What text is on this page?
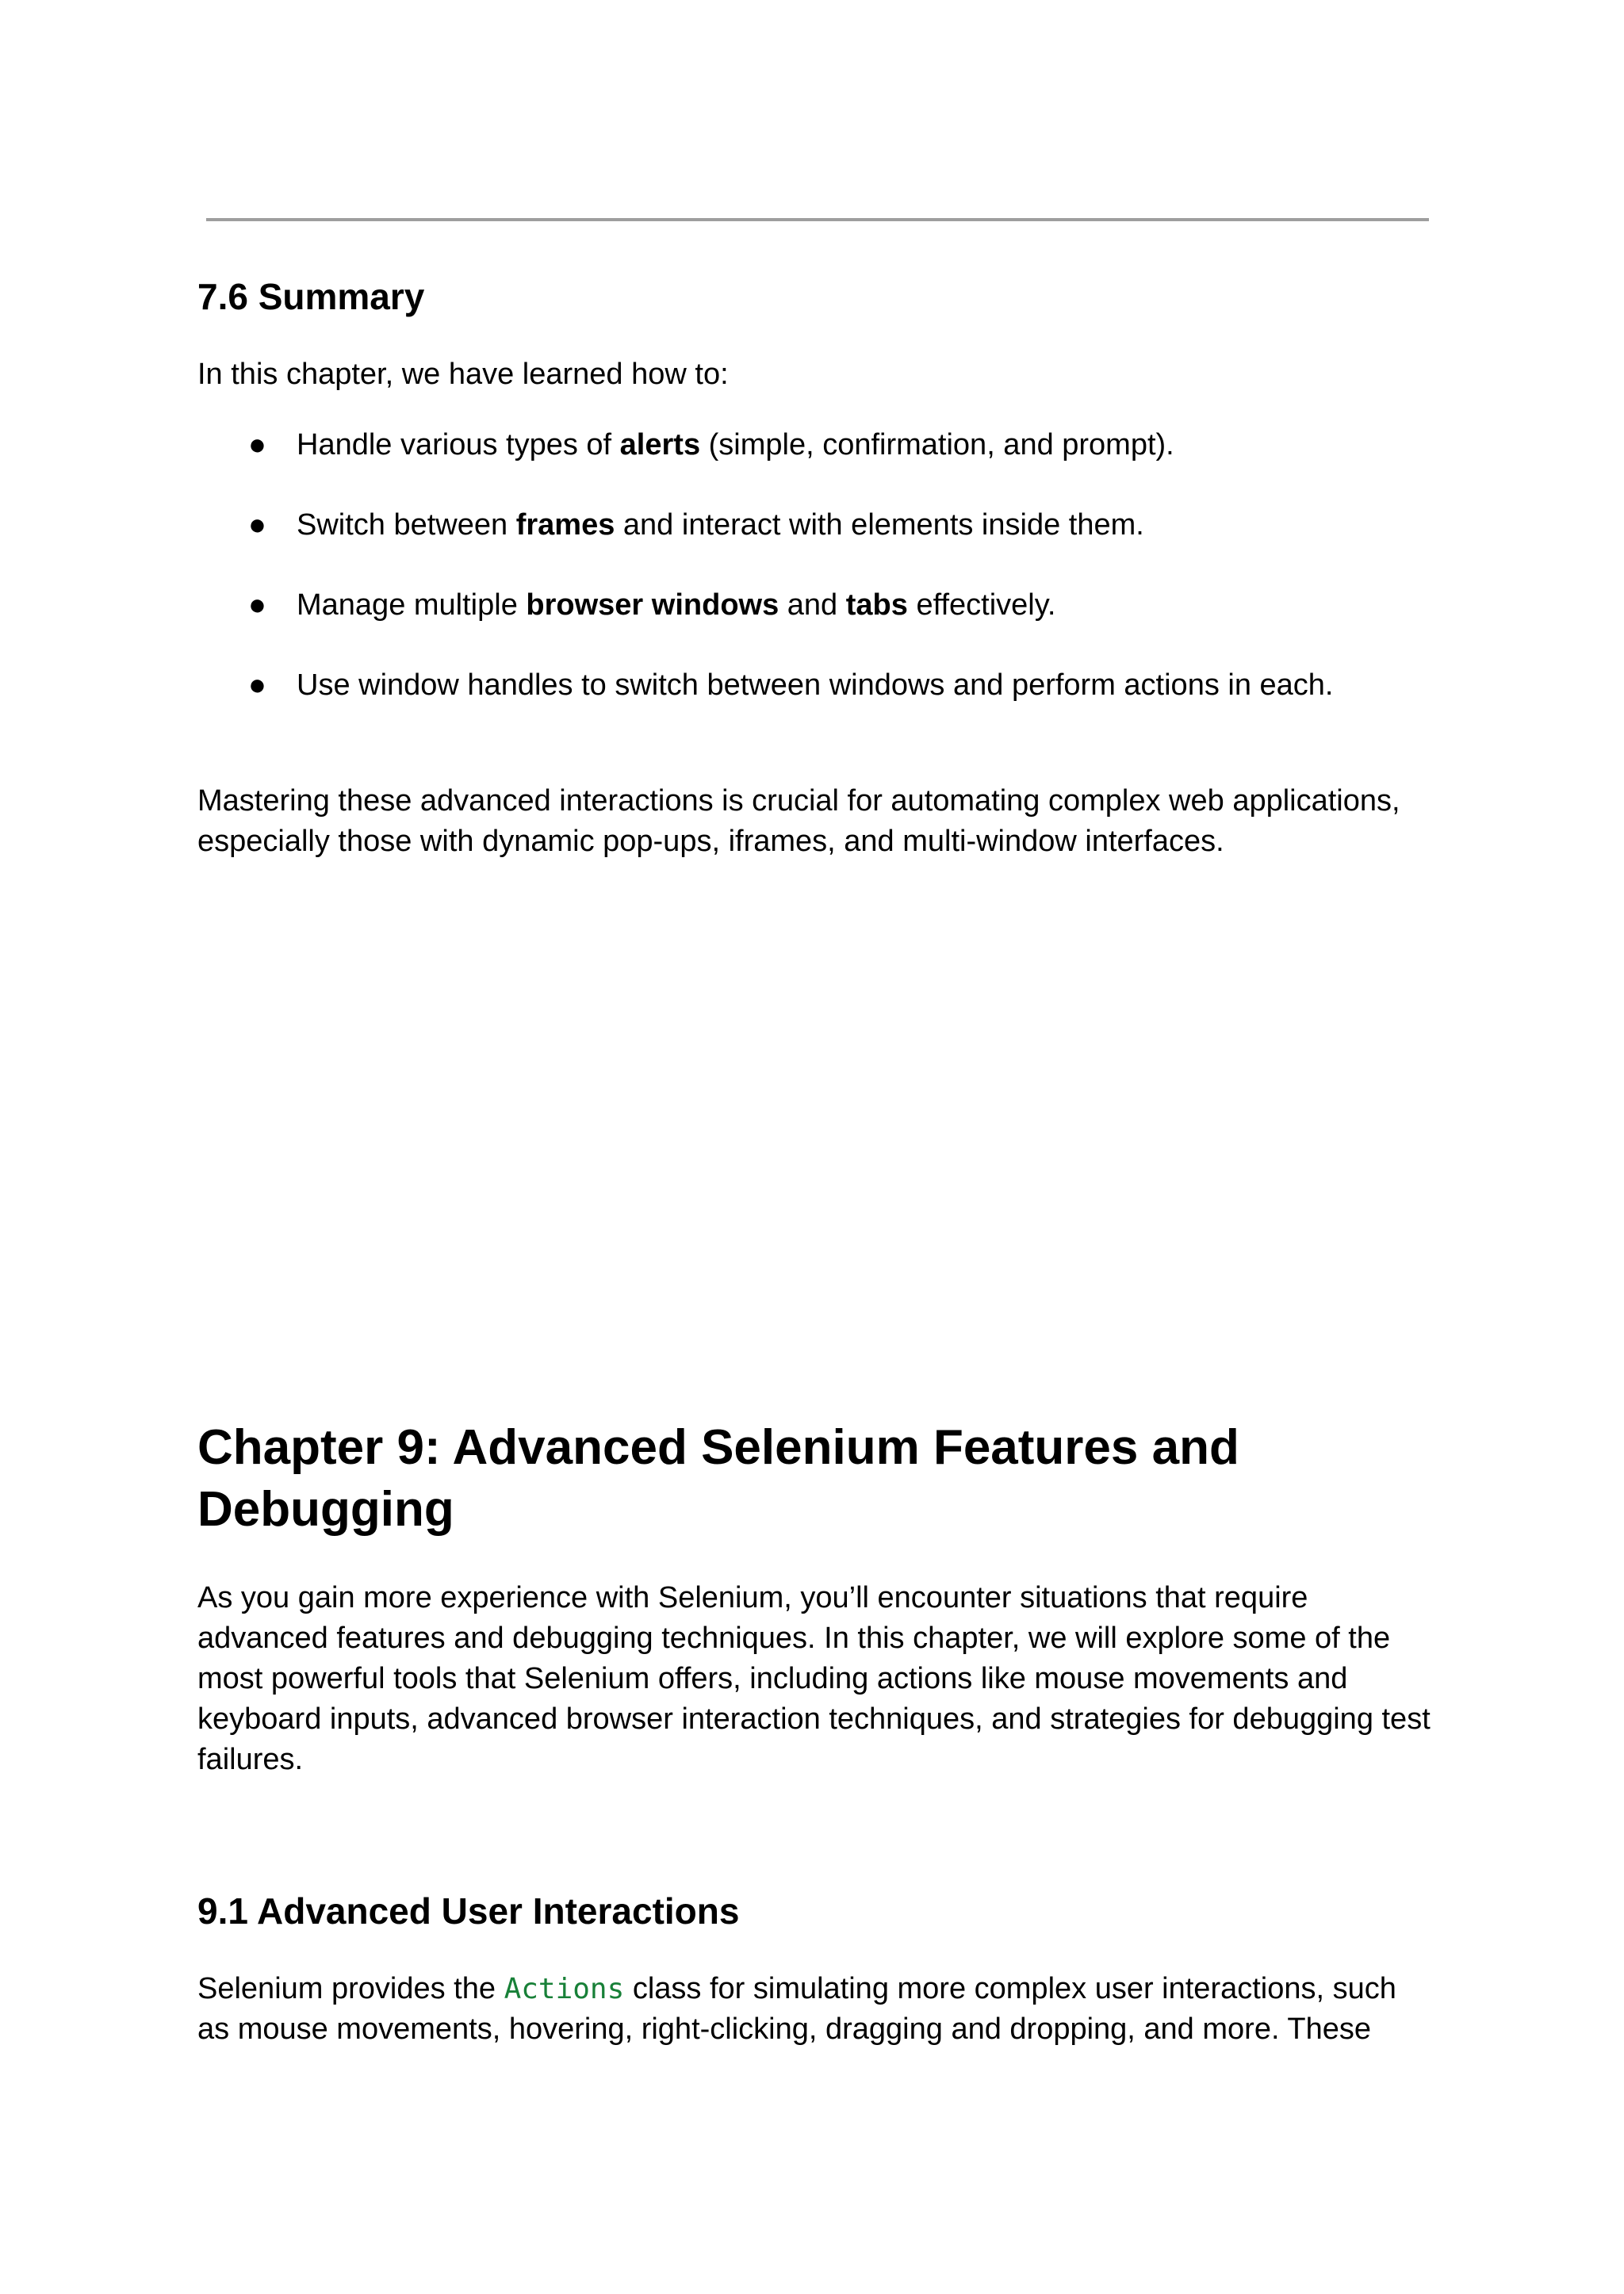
7.6 Summary

In this chapter, we have learned how to:

● Handle various types of alerts (simple, confirmation, and prompt).
● Switch between frames and interact with elements inside them.
● Manage multiple browser windows and tabs effectively.
● Use window handles to switch between windows and perform actions in each.
Mastering these advanced interactions is crucial for automating complex web applications,
especially those with dynamic pop-ups, iframes, and multi-window interfaces.
Chapter 9: Advanced Selenium Features and
Debugging
As you gain more experience with Selenium, you’ll encounter situations that require
advanced features and debugging techniques. In this chapter, we will explore some of the
most powerful tools that Selenium offers, including actions like mouse movements and
keyboard inputs, advanced browser interaction techniques, and strategies for debugging test
failures.
9.1 Advanced User Interactions
Selenium provides the Actions class for simulating more complex user interactions, such
as mouse movements, hovering, right-clicking, dragging and dropping, and more. These
